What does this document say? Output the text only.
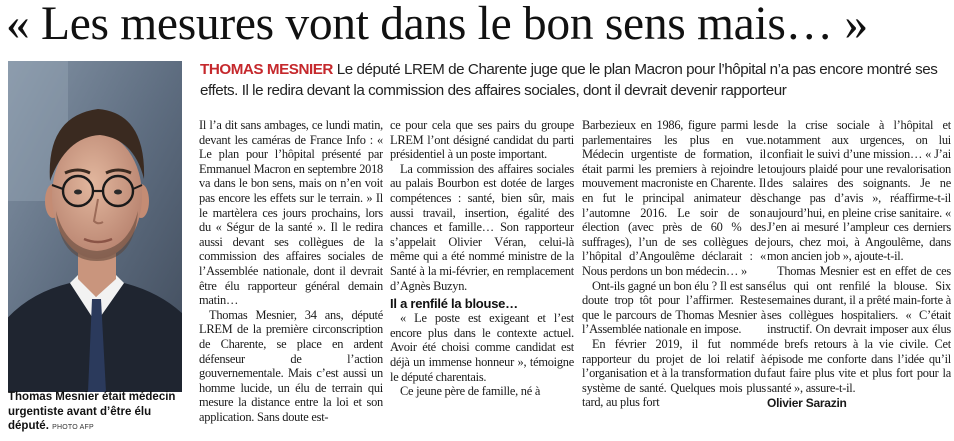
« Les mesures vont dans le bon sens mais… »
Thomas Mesnier était médecin urgentiste avant d’être élu député. PHOTO AFP
THOMAS MESNIER Le député LREM de Charente juge que le plan Macron pour l’hôpital n’a pas encore montré ses effets. Il le redira devant la commission des affaires sociales, dont il devrait devenir rapporteur

Il l’a dit sans ambages, ce lundi matin, devant les caméras de France Info : « Le plan pour l’hôpital présenté par Emmanuel Macron en septembre 2018 va dans le bon sens, mais on n’en voit pas encore les effets sur le terrain. » Il le martèlera ces jours prochains, lors du « Ségur de la santé ». Il le redira aussi devant ses collègues de la commission des affaires sociales de l’Assemblée nationale, dont il devrait être élu rapporteur général demain matin…

Thomas Mesnier, 34 ans, député LREM de la première circonscription de Charente, se place en ardent défenseur de l’action gouvernementale. Mais c’est aussi un homme lucide, un élu de terrain qui mesure la distance entre la loi et son application. Sans doute est-

ce pour cela que ses pairs du groupe LREM l’ont désigné candidat du parti présidentiel à un poste important.

La commission des affaires sociales au palais Bourbon est dotée de larges compétences : santé, bien sûr, mais aussi travail, insertion, égalité des chances et famille… Son rapporteur s’appelait Olivier Véran, celui-là même qui a été nommé ministre de la Santé à la mi-février, en remplacement d’Agnès Buzyn.

Il a renfilé la blouse…

« Le poste est exigeant et l’est encore plus dans le contexte actuel. Avoir été choisi comme candidat est déjà un immense honneur », témoigne le député charentais.

Ce jeune père de famille, né à

Barbezieux en 1986, figure parmi les parlementaires les plus en vue. Médecin urgentiste de formation, il était parmi les premiers à rejoindre le mouvement macroniste en Charente. Il en fut le principal animateur dès l’automne 2016. Le soir de son élection (avec près de 60 % des suffrages), l’un de ses collègues de l’hôpital d’Angoulême déclarait : « Nous perdons un bon médecin… »

Ont-ils gagné un bon élu ? Il est sans doute trop tôt pour l’affirmer. Reste que le parcours de Thomas Mesnier à l’Assemblée nationale en impose.

En février 2019, il fut nommé rapporteur du projet de loi relatif à l’organisation et à la transformation du système de santé. Quelques mois plus tard, au plus fort

de la crise sociale à l’hôpital et notamment aux urgences, on lui confiait le suivi d’une mission… « J’ai toujours plaidé pour une revalorisation des salaires des soignants. Je ne change pas d’avis », réaffirme-t-il aujourd’hui, en pleine crise sanitaire. « J’en ai mesuré l’ampleur ces derniers jours, chez moi, à Angoulême, dans mon ancien job », ajoute-t-il.

Thomas Mesnier est en effet de ces élus qui ont renfilé la blouse. Six semaines durant, il a prêté main-forte à ses collègues hospitaliers. « C’était instructif. On devrait imposer aux élus de brefs retours à la vie civile. Cet épisode me conforte dans l’idée qu’il faut faire plus vite et plus fort pour la santé », assure-t-il.

Olivier Sarazin
